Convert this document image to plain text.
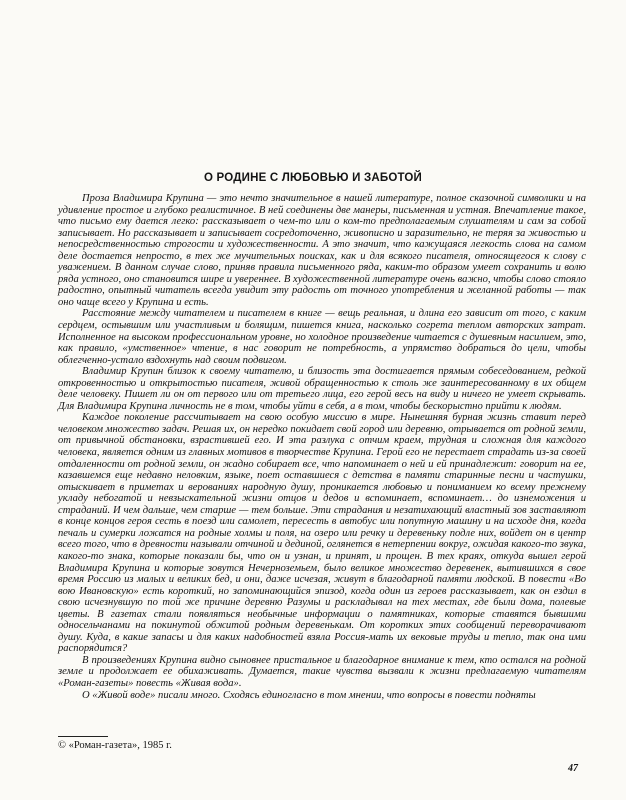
О РОДИНЕ С ЛЮБОВЬЮ И ЗАБОТОЙ

Проза Владимира Крупина — это нечто значительное в нашей литературе, полное сказочной символики и на удивление простое и глубоко реалистичное. В ней соединены две манеры, письменная и устная. Впечатление такое, что письмо ему дается легко: рассказывает о чем-то или о ком-то предполагаемым слушателям и сам за собой записывает. Но рассказывает и записывает сосредоточенно, живописно и заразительно, не теряя за живостью и непосредственностью строгости и художественности. А это значит, что кажущаяся легкость слова на самом деле достается непросто, в тех же мучительных поисках, как и для всякого писателя, относящегося к слову с уважением. В данном случае слово, приняв правила письменного ряда, каким-то образом умеет сохранить и волю ряда устного, оно становится шире и увереннее. В художественной литературе очень важно, чтобы слово стояло радостно, опытный читатель всегда увидит эту радость от точного употребления и желанной работы — так оно чаще всего у Крупина и есть.

Расстояние между читателем и писателем в книге — вещь реальная, и длина его зависит от того, с каким сердцем, остывшим или участливым и болящим, пишется книга, насколько согрета теплом авторских затрат. Исполненное на высоком профессиональном уровне, но холодное произведение читается с душевным насилием, это, как правило, «умственное» чтение, в нас говорит не потребность, а упрямство добраться до цели, чтобы облегченно-устало вздохнуть над своим подвигом.

Владимир Крупин близок к своему читателю, и близость эта достигается прямым собеседованием, редкой откровенностью и открытостью писателя, живой обращенностью к столь же заинтересованному в их общем деле человеку. Пишет ли он от первого или от третьего лица, его герой весь на виду и ничего не умеет скрывать. Для Владимира Крупина личность не в том, чтобы уйти в себя, а в том, чтобы бескорыстно прийти к людям.

Каждое поколение рассчитывает на свою особую миссию в мире. Нынешняя бурная жизнь ставит перед человеком множество задач. Решая их, он нередко покидает свой город или деревню, отрывается от родной земли, от привычной обстановки, взрастившей его. И эта разлука с отчим краем, трудная и сложная для каждого человека, является одним из главных мотивов в творчестве Крупина. Герой его не перестает страдать из-за своей отдаленности от родной земли, он жадно собирает все, что напоминает о ней и ей принадлежит: говорит на ее, казавшемся еще недавно неловким, языке, поет оставшиеся с детства в памяти старинные песни и частушки, отыскивает в приметах и верованиях народную душу, проникается любовью и пониманием ко всему прежнему укладу небогатой и невзыскательной жизни отцов и дедов и вспоминает, вспоминает… до изнеможения и страданий. И чем дальше, чем старше — тем больше. Эти страдания и незатихающий властный зов заставляют в конце концов героя сесть в поезд или самолет, пересесть в автобус или попутную машину и на исходе дня, когда печаль и сумерки ложатся на родные холмы и поля, на озеро или речку и деревеньку подле них, войдет он в центр всего того, что в древности называли отчиной и дединой, оглянется в нетерпении вокруг, ожидая какого-то звука, какого-то знака, которые показали бы, что он и узнан, и принят, и прощен. В тех краях, откуда вышел герой Владимира Крупина и которые зовутся Нечерноземьем, было великое множество деревенек, вытившихся в свое время Россию из малых и великих бед, и они, даже исчезая, живут в благодарной памяти людской. В повести «Во вою Ивановскую» есть короткий, но запоминающийся эпизод, когда один из героев рассказывает, как он ездил в свою исчезнувшую по той же причине деревню Разумы и раскладывал на тех местах, где были дома, полевые цветы. В газетах стали появляться необычные информации о памятниках, которые ставятся бывшими односельчанами на покинутой обжитой родным деревенькам. От коротких этих сообщений переворачивают душу. Куда, в какие запасы и для каких надобностей взяла Россия-мать их вековые труды и тепло, так она ими распорядится?

В произведениях Крупина видно сыновнее пристальное и благодарное внимание к тем, кто остался на родной земле и продолжает ее обихаживать. Думается, такие чувства вызвали к жизни предлагаемую читателям «Роман-газеты» повесть «Живая вода».

О «Живой воде» писали много. Сходясь единогласно в том мнении, что вопросы в повести подняты

© «Роман-газета», 1985 г.
47
